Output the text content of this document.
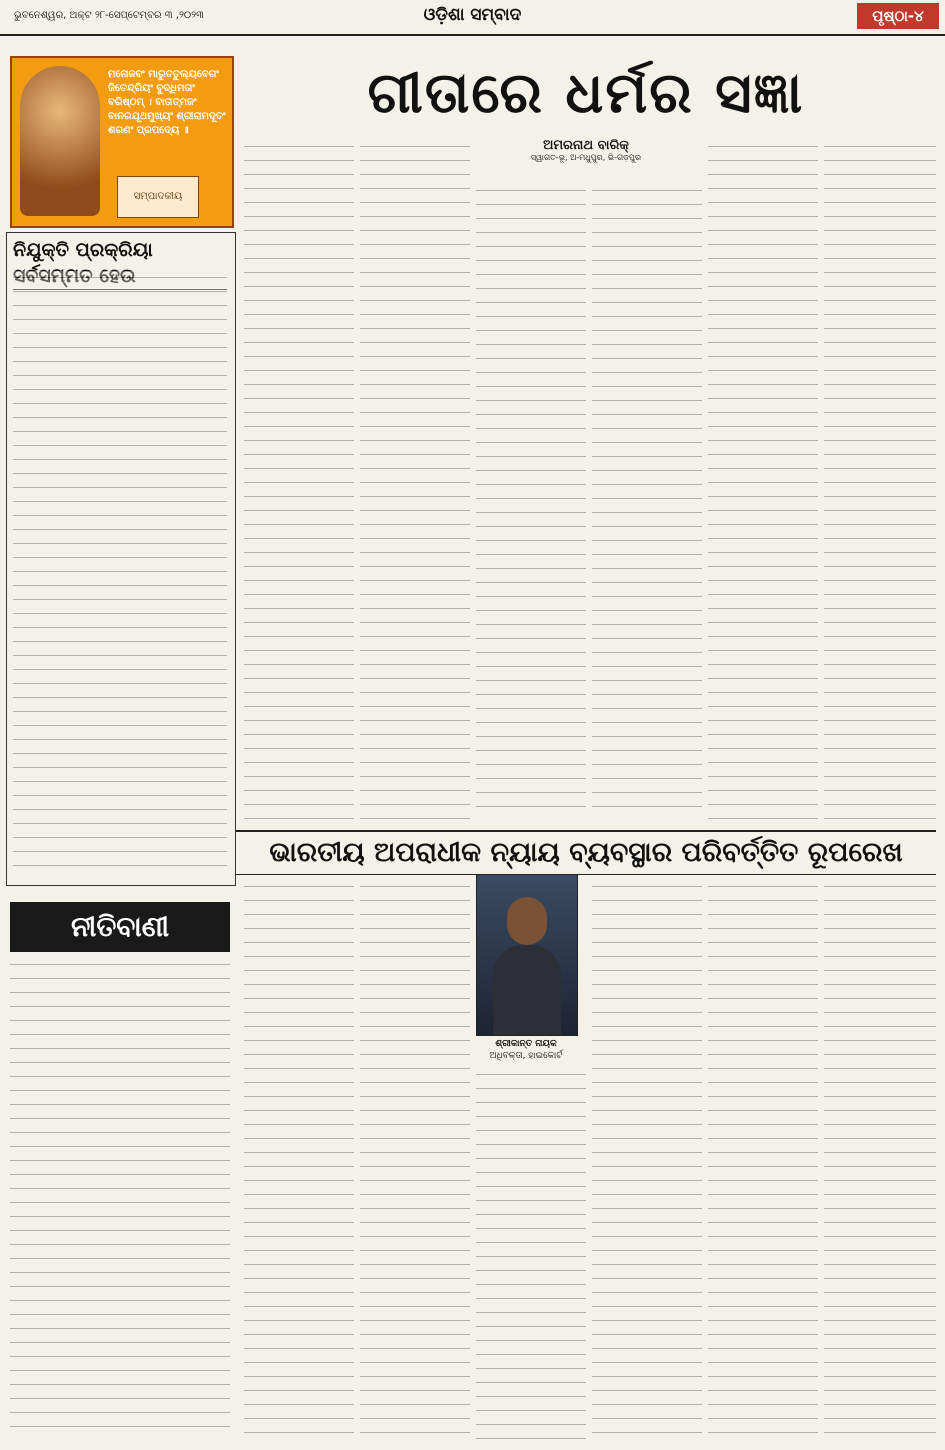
ଭୁବନେଶ୍ୱର, ଅକ୍ଟ ୨୮-ସେପ୍ଟେମ୍ବର ୩ ,୨୦୨୩	ଓଡ଼ିଶା ସମ୍ବାଦ	ପୃଷ୍ଠା-୪
ମନୋଜବଂ ମାରୁତତୁଲ୍ୟବେଗଂ ଜିତେନ୍ଦ୍ରିୟଂ ବୁଦ୍ଧିମତାଂ ବରିଷ୍ଠମ୍ । ବାତାତ୍ମଜଂ ବାନରଯୂଥମୁଖ୍ୟଂ ଶ୍ରୀରାମଦୂତଂ ଶରଣଂ ପ୍ରପଦ୍ୟେ ॥
ସମ୍ପାଦକୀୟ
ଗୀତାରେ ଧର୍ମର ସଜ୍ଞା
ନିଯୁକ୍ତି ପ୍ରକ୍ରିୟା ସର୍ବସମ୍ମତ ହେଉ
ଅମରନାଥ ବାରିକ୍
ସ୍ୱାଗତ-ଭୂ, ଅ-ମଧୁପୁର, ଭି-ଗଡ଼ପୁର
ଭାରତୀୟ ଅପରାଧୀକ ନ୍ୟାୟ ବ୍ୟବସ୍ଥାର ପରିବର୍ତ୍ତିତ ରୂପରେଖ
ଶ୍ରୀକାନ୍ତ ନାୟକ
ଅଧିବକ୍ତା, ହାଇକୋର୍ଟ
ନୀତିବାଣୀ
